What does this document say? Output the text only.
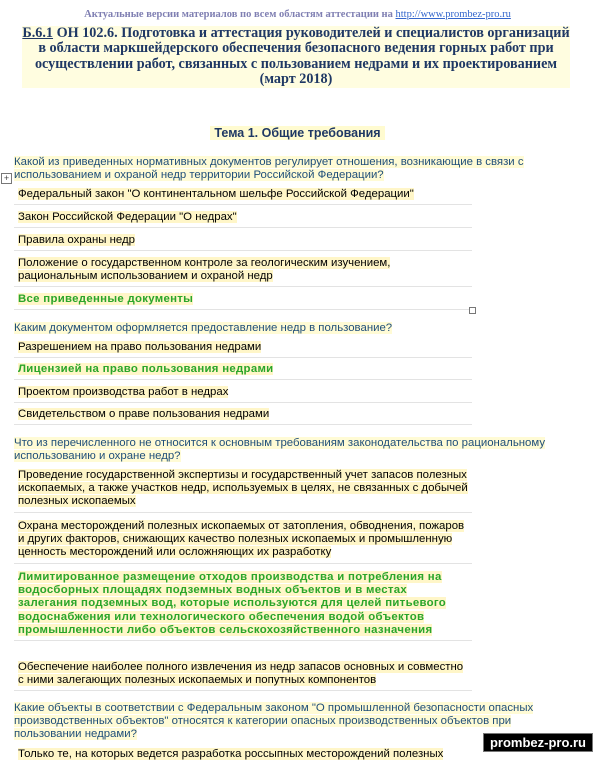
Актуальные версии материалов по всем областям аттестации на http://www.prombez-pro.ru
Б.6.1 ОН 102.6. Подготовка и аттестация руководителей и специалистов организаций в области маркшейдерского обеспечения безопасного ведения горных работ при осуществлении работ, связанных с пользованием недрами и их проектированием
(март 2018)
Тема 1. Общие требования
+
Какой из приведенных нормативных документов регулирует отношения, возникающие в связи с использованием и охраной недр территории Российской Федерации?
Федеральный закон "О континентальном шельфе Российской Федерации"
Закон Российской Федерации "О недрах"
Правила охраны недр
Положение о государственном контроле за геологическим изучением, рациональным использованием и охраной недр
Все приведенные документы
Каким документом оформляется предоставление недр в пользование?
Разрешением на право пользования недрами
Лицензией на право пользования недрами
Проектом производства работ в недрах
Свидетельством о праве пользования недрами
Что из перечисленного не относится к основным требованиям законодательства по рациональному использованию и охране недр?
Проведение государственной экспертизы и государственный учет запасов полезных ископаемых, а также участков недр, используемых в целях, не связанных с добычей полезных ископаемых
Охрана месторождений полезных ископаемых от затопления, обводнения, пожаров и других факторов, снижающих качество полезных ископаемых и промышленную ценность месторождений или осложняющих их разработку
Лимитированное размещение отходов производства и потребления на водосборных площадях подземных водных объектов и в местах залегания подземных вод, которые используются для целей питьевого водоснабжения или технологического обеспечения водой объектов промышленности либо объектов сельскохозяйственного назначения
Обеспечение наиболее полного извлечения из недр запасов основных и совместно с ними залегающих полезных ископаемых и попутных компонентов
Какие объекты в соответствии с Федеральным законом "О промышленной безопасности опасных производственных объектов" относятся к категории опасных производственных объектов при пользовании недрами?
Только те, на которых ведется разработка россыпных месторождений полезных
prombez-pro.ru
